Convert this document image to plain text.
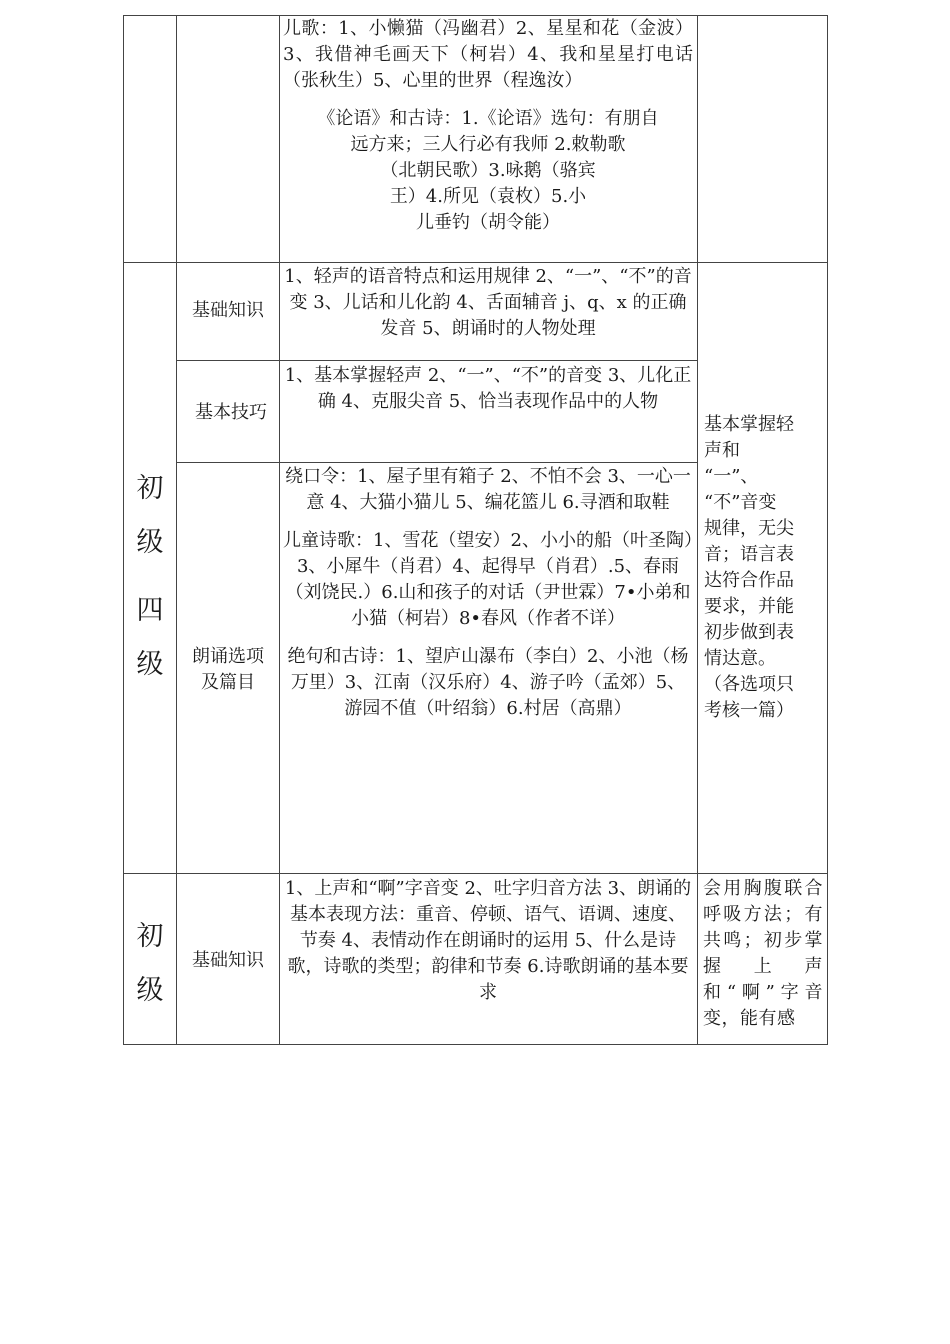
儿歌：1、小懒猫（冯幽君）2、星星和花（金波）3、我借神毛画天下（柯岩）4、我和星星打电话（张秋生）5、心里的世界（程逸汝）

《论语》和古诗：1.《论语》选句：有朋自
远方来；三人行必有我师 2.敕勒歌
（北朝民歌）3.咏鹅（骆宾
王）4.所见（袁枚）5.小
儿垂钓（胡令能）
初
级
四
级
基础知识
1、轻声的语音特点和运用规律 2、“一”、“不”的音变 3、儿话和儿化韵 4、舌面辅音 j、q、x 的正确发音 5、朗诵时的人物处理
基本技巧
1、基本掌握轻声 2、“一”、“不”的音变 3、儿化正确 4、克服尖音 5、恰当表现作品中的人物
朗诵选项
及篇目

绕口令：1、屋子里有箱子 2、不怕不会 3、一心一意 4、大猫小猫儿 5、编花篮儿 6.寻酒和取鞋

儿童诗歌：1、雪花（望安）2、小小的船（叶圣陶）3、小犀牛（肖君）4、起得早（肖君）.5、春雨（刘饶民.）6.山和孩子的对话（尹世霖）7•小弟和小猫（柯岩）8•春风（作者不详）

绝句和古诗：1、望庐山瀑布（李白）2、小池（杨万里）3、江南（汉乐府）4、游子吟（孟郊）5、游园不值（叶绍翁）6.村居（高鼎）

基本掌握轻
声和
“一”、
“不”音变
规律，无尖
音；语言表
达符合作品
要求，并能
初步做到表
情达意。
（各选项只
考核一篇）
初
级
基础知识
1、上声和“啊”字音变 2、吐字归音方法 3、朗诵的基本表现方法：重音、停顿、语气、语调、速度、节奏 4、表情动作在朗诵时的运用 5、什么是诗歌，诗歌的类型；韵律和节奏 6.诗歌朗诵的基本要求
会用胸腹联合呼吸方法；有共鸣；初步掌握上声和“啊”字音变，能有感
